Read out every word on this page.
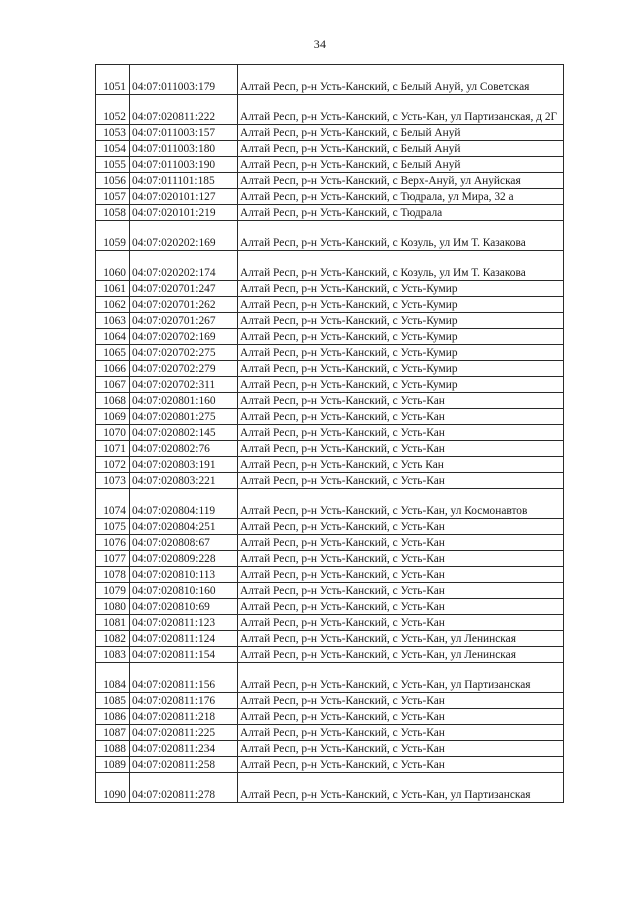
34
1051	04:07:011003:179	Алтай Респ, р-н Усть-Канский, с Белый Ануй, ул Советская
1052	04:07:020811:222	Алтай Респ, р-н Усть-Канский, с Усть-Кан, ул Партизанская, д 2Г
1053	04:07:011003:157	Алтай Респ, р-н Усть-Канский, с Белый Ануй
1054	04:07:011003:180	Алтай Респ, р-н Усть-Канский, с Белый Ануй
1055	04:07:011003:190	Алтай Респ, р-н Усть-Канский, с Белый Ануй
1056	04:07:011101:185	Алтай Респ, р-н Усть-Канский, с Верх-Ануй, ул Ануйская
1057	04:07:020101:127	Алтай Респ, р-н Усть-Канский, с Тюдрала, ул Мира, 32 а
1058	04:07:020101:219	Алтай Респ, р-н Усть-Канский, с Тюдрала
1059	04:07:020202:169	Алтай Респ, р-н Усть-Канский, с Козуль, ул Им Т. Казакова
1060	04:07:020202:174	Алтай Респ, р-н Усть-Канский, с Козуль, ул Им Т. Казакова
1061	04:07:020701:247	Алтай Респ, р-н Усть-Канский, с Усть-Кумир
1062	04:07:020701:262	Алтай Респ, р-н Усть-Канский, с Усть-Кумир
1063	04:07:020701:267	Алтай Респ, р-н Усть-Канский, с Усть-Кумир
1064	04:07:020702:169	Алтай Респ, р-н Усть-Канский, с Усть-Кумир
1065	04:07:020702:275	Алтай Респ, р-н Усть-Канский, с Усть-Кумир
1066	04:07:020702:279	Алтай Респ, р-н Усть-Канский, с Усть-Кумир
1067	04:07:020702:311	Алтай Респ, р-н Усть-Канский, с Усть-Кумир
1068	04:07:020801:160	Алтай Респ, р-н Усть-Канский, с Усть-Кан
1069	04:07:020801:275	Алтай Респ, р-н Усть-Канский, с Усть-Кан
1070	04:07:020802:145	Алтай Респ, р-н Усть-Канский, с Усть-Кан
1071	04:07:020802:76	Алтай Респ, р-н Усть-Канский, с Усть-Кан
1072	04:07:020803:191	Алтай Респ, р-н Усть-Канский, с Усть Кан
1073	04:07:020803:221	Алтай Респ, р-н Усть-Канский, с Усть-Кан
1074	04:07:020804:119	Алтай Респ, р-н Усть-Канский, с Усть-Кан, ул Космонавтов
1075	04:07:020804:251	Алтай Респ, р-н Усть-Канский, с Усть-Кан
1076	04:07:020808:67	Алтай Респ, р-н Усть-Канский, с Усть-Кан
1077	04:07:020809:228	Алтай Респ, р-н Усть-Канский, с Усть-Кан
1078	04:07:020810:113	Алтай Респ, р-н Усть-Канский, с Усть-Кан
1079	04:07:020810:160	Алтай Респ, р-н Усть-Канский, с Усть-Кан
1080	04:07:020810:69	Алтай Респ, р-н Усть-Канский, с Усть-Кан
1081	04:07:020811:123	Алтай Респ, р-н Усть-Канский, с Усть-Кан
1082	04:07:020811:124	Алтай Респ, р-н Усть-Канский, с Усть-Кан, ул Ленинская
1083	04:07:020811:154	Алтай Респ, р-н Усть-Канский, с Усть-Кан, ул Ленинская
1084	04:07:020811:156	Алтай Респ, р-н Усть-Канский, с Усть-Кан, ул Партизанская
1085	04:07:020811:176	Алтай Респ, р-н Усть-Канский, с Усть-Кан
1086	04:07:020811:218	Алтай Респ, р-н Усть-Канский, с Усть-Кан
1087	04:07:020811:225	Алтай Респ, р-н Усть-Канский, с Усть-Кан
1088	04:07:020811:234	Алтай Респ, р-н Усть-Канский, с Усть-Кан
1089	04:07:020811:258	Алтай Респ, р-н Усть-Канский, с Усть-Кан
1090	04:07:020811:278	Алтай Респ, р-н Усть-Канский, с Усть-Кан, ул Партизанская
